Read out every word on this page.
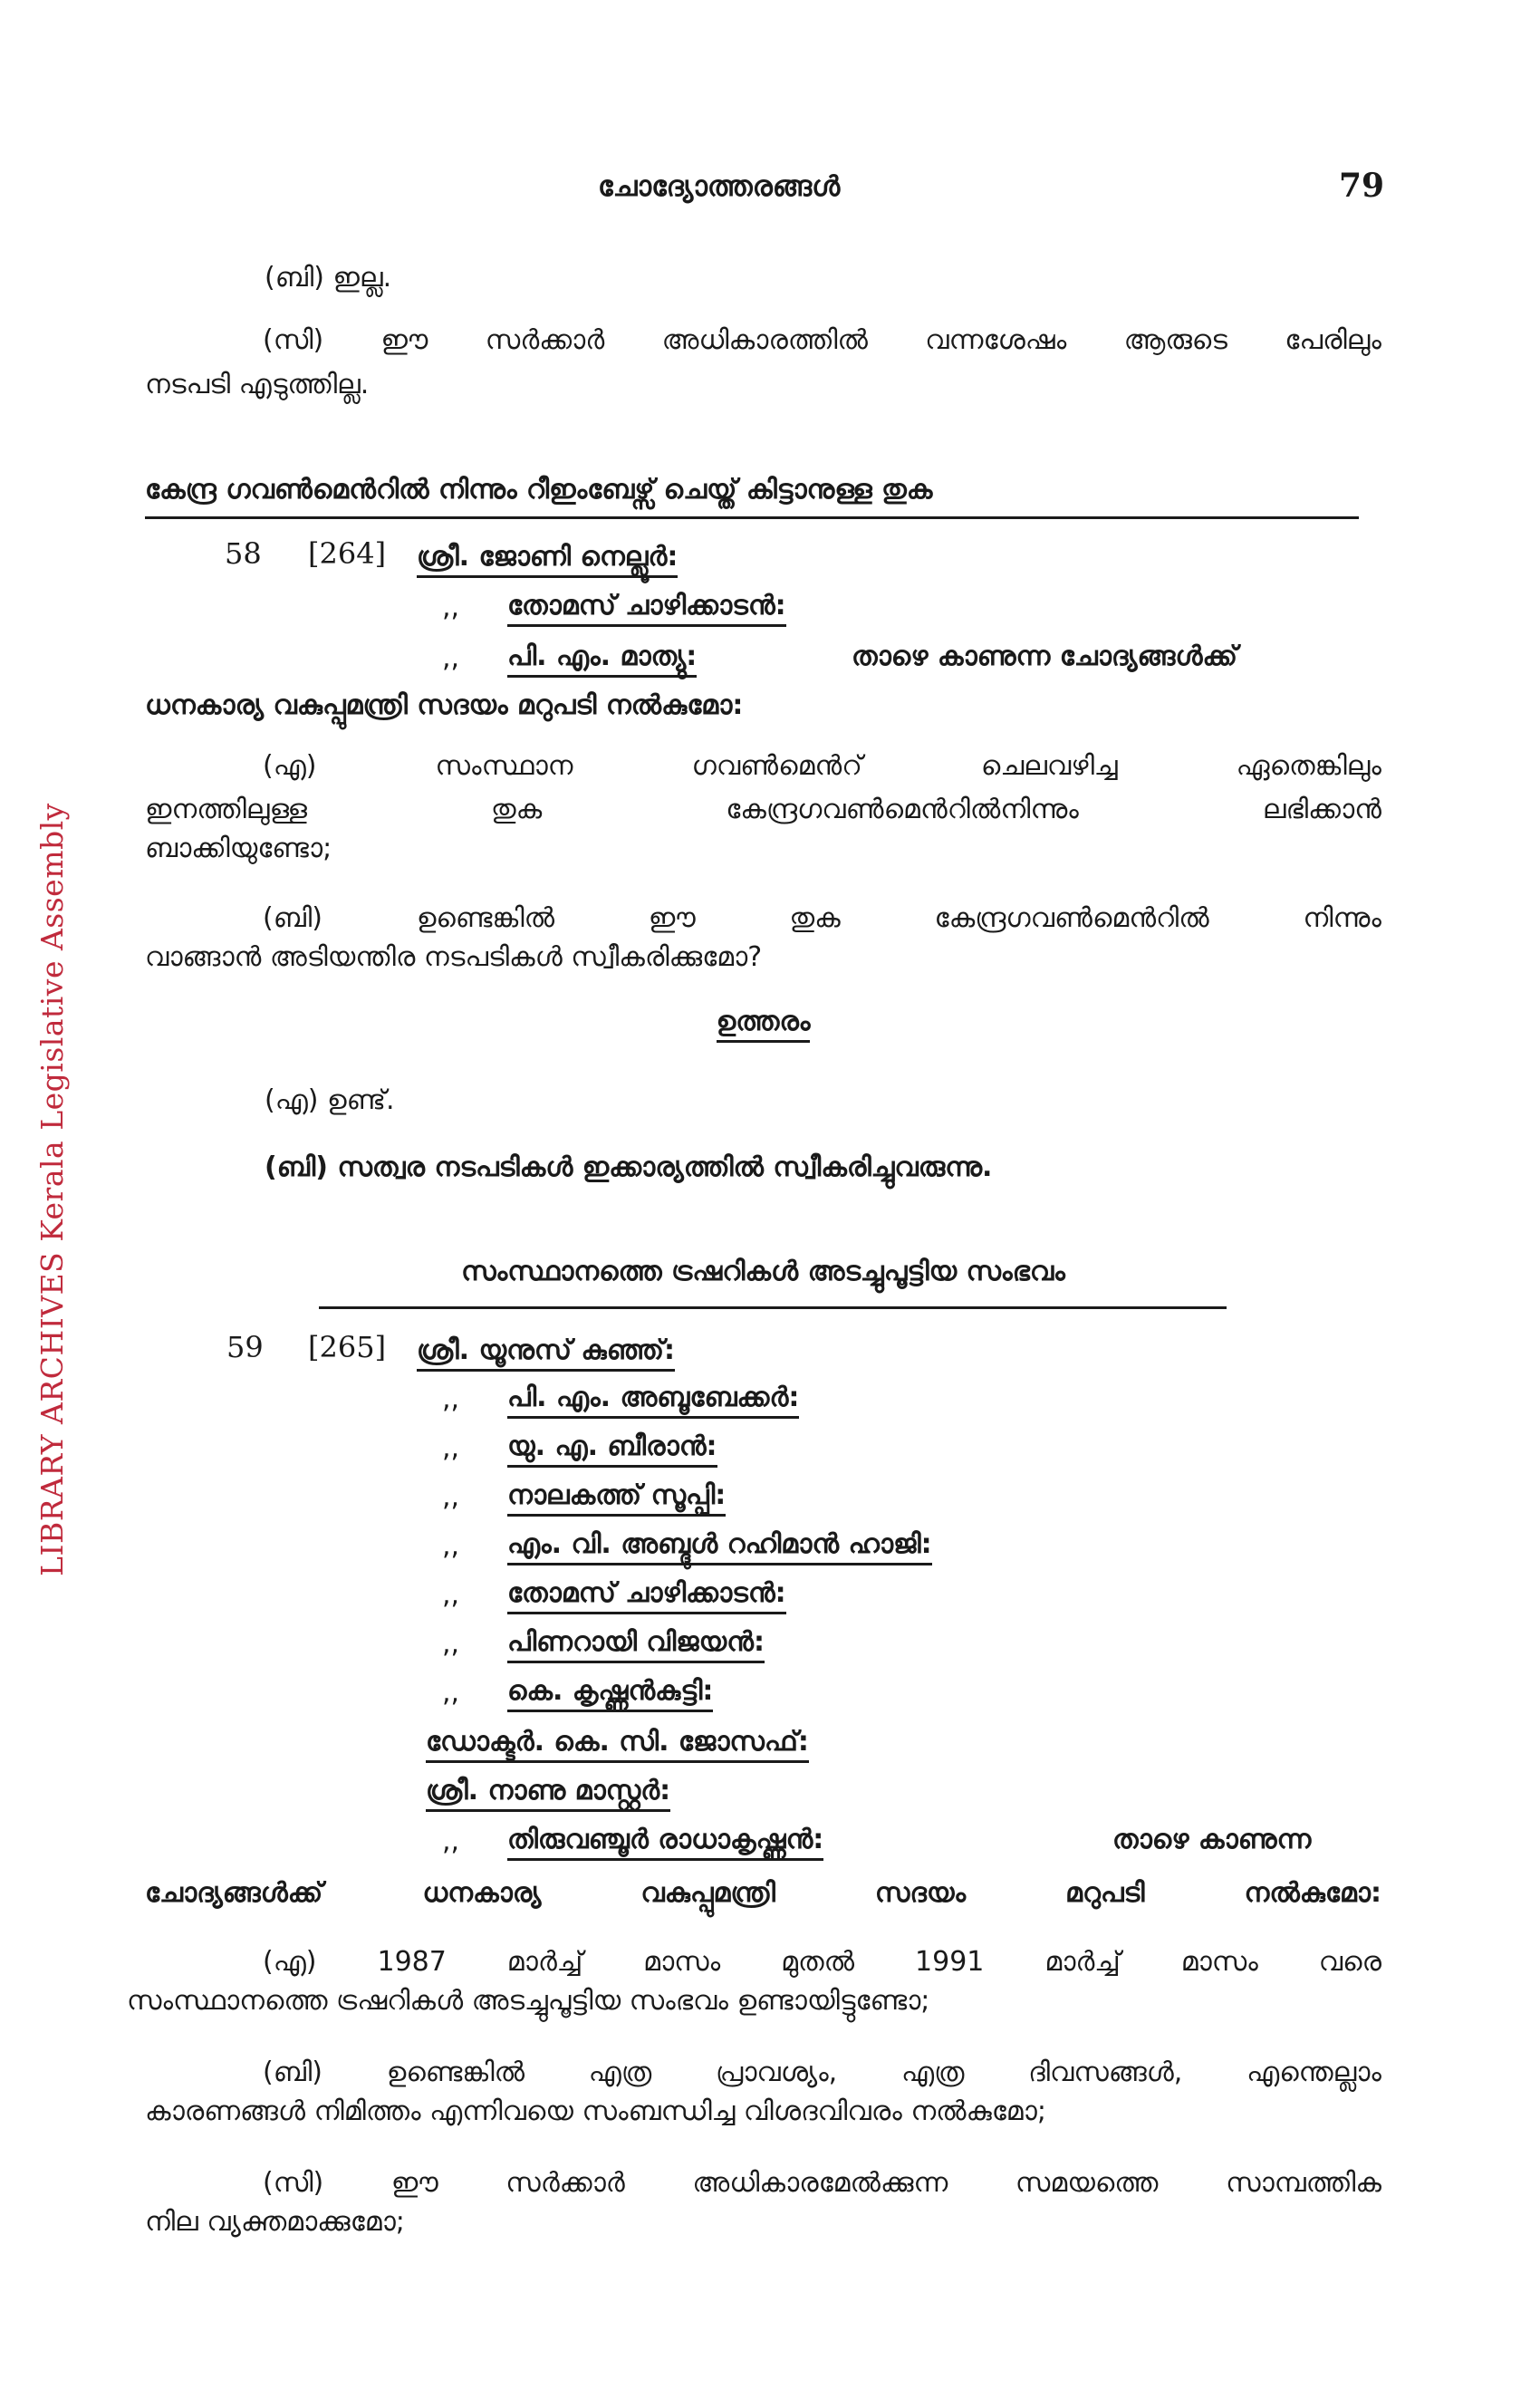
LIBRARY ARCHIVES Kerala Legislative Assembly
ചോദ്യോത്തരങ്ങൾ	79
(ബി) ഇല്ല.
(സി) ഈ സർക്കാർ അധികാരത്തിൽ വന്നശേഷം ആരുടെ പേരിലും
നടപടി എടുത്തില്ല.
കേന്ദ്ര ഗവൺമെൻറിൽ നിന്നും റീഇംബേഴ്സ് ചെയ്ത് കിട്ടാനുള്ള തുക
58 [264] ശ്രീ. ജോണി നെല്ലൂർ:
,, തോമസ് ചാഴിക്കാടൻ:
,, പി. എം. മാത്യു:	താഴെ കാണുന്ന ചോദ്യങ്ങൾക്ക്
ധനകാര്യ വകുപ്പുമന്ത്രി സദയം മറുപടി നൽകുമോ:
(എ) സംസ്ഥാന ഗവൺമെൻറ് ചെലവഴിച്ച ഏതെങ്കിലും
ഇനത്തിലുള്ള തുക കേന്ദ്രഗവൺമെൻറിൽനിന്നും ലഭിക്കാൻ
ബാക്കിയുണ്ടോ;
(ബി) ഉണ്ടെങ്കിൽ ഈ തുക കേന്ദ്രഗവൺമെൻറിൽ നിന്നും
വാങ്ങാൻ അടിയന്തിര നടപടികൾ സ്വീകരിക്കുമോ?
ഉത്തരം
(എ) ഉണ്ട്.
(ബി) സത്വര നടപടികൾ ഇക്കാര്യത്തിൽ സ്വീകരിച്ചുവരുന്നു.
സംസ്ഥാനത്തെ ട്രഷറികൾ അടച്ചുപൂട്ടിയ സംഭവം
59 [265] ശ്രീ. യൂനുസ് കുഞ്ഞ്:
,, പി. എം. അബൂബേക്കർ:
,, യു. എ. ബീരാൻ:
,, നാലകത്ത് സൂപ്പി:
,, എം. വി. അബ്ദുൾ റഹിമാൻ ഹാജി:
,, തോമസ് ചാഴിക്കാടൻ:
,, പിണറായി വിജയൻ:
,, കെ. കൃഷ്ണൻകുട്ടി:
ഡോക്ടർ. കെ. സി. ജോസഫ്:
ശ്രീ. നാണു മാസ്റ്റർ:
,, തിരുവഞ്ചൂർ രാധാകൃഷ്ണൻ:	താഴെ കാണുന്ന
ചോദ്യങ്ങൾക്ക് ധനകാര്യ വകുപ്പുമന്ത്രി സദയം മറുപടി നൽകുമോ:
(എ) 1987 മാർച്ച് മാസം മുതൽ 1991 മാർച്ച് മാസം വരെ
സംസ്ഥാനത്തെ ട്രഷറികൾ അടച്ചുപൂട്ടിയ സംഭവം ഉണ്ടായിട്ടുണ്ടോ;
(ബി) ഉണ്ടെങ്കിൽ എത്ര പ്രാവശ്യം, എത്ര ദിവസങ്ങൾ, എന്തെല്ലാം
കാരണങ്ങൾ നിമിത്തം എന്നിവയെ സംബന്ധിച്ച വിശദവിവരം നൽകുമോ;
(സി) ഈ സർക്കാർ അധികാരമേൽക്കുന്ന സമയത്തെ സാമ്പത്തിക
നില വ്യക്തമാക്കുമോ;
